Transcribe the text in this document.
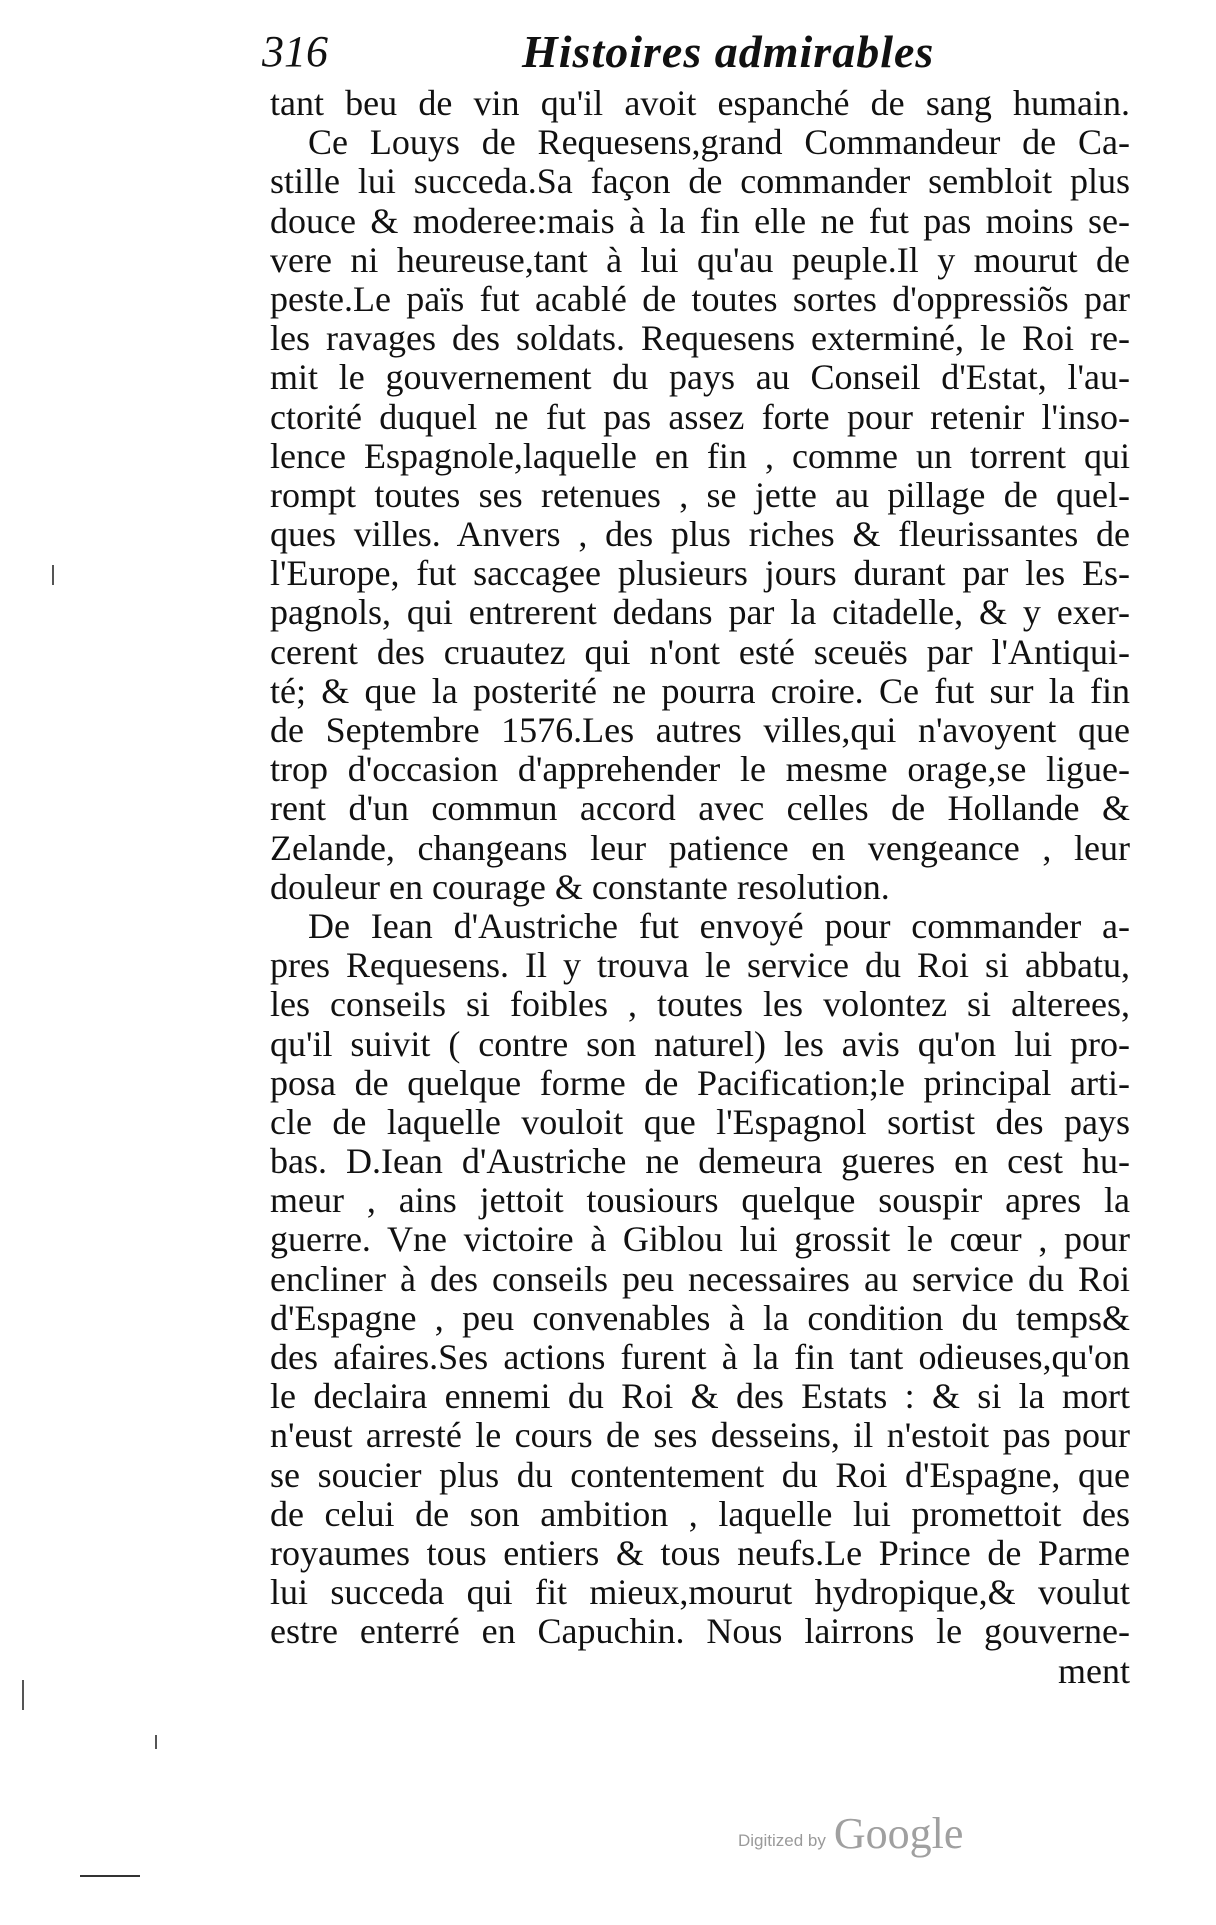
316	Histoires admirables
tant beu de vin qu'il avoit espanché de sang humain.
Ce Louys de Requesens,grand Commandeur de Ca-
stille lui succeda.Sa façon de commander sembloit plus
douce & moderee:mais à la fin elle ne fut pas moins se-
vere ni heureuse,tant à lui qu'au peuple.Il y mourut de
peste.Le païs fut acablé de toutes sortes d'oppressiõs par
les ravages des soldats. Requesens exterminé, le Roi re-
mit le gouvernement du pays au Conseil d'Estat, l'au-
ctorité duquel ne fut pas assez forte pour retenir l'inso-
lence Espagnole,laquelle en fin , comme un torrent qui
rompt toutes ses retenues , se jette au pillage de quel-
ques villes. Anvers , des plus riches & fleurissantes de
l'Europe, fut saccagee plusieurs jours durant par les Es-
pagnols, qui entrerent dedans par la citadelle, & y exer-
cerent des cruautez qui n'ont esté sceuës par l'Antiqui-
té; & que la posterité ne pourra croire. Ce fut sur la fin
de Septembre 1576.Les autres villes,qui n'avoyent que
trop d'occasion d'apprehender le mesme orage,se liguе-
rent d'un commun accord avec celles de Hollande &
Zelande, changeans leur patience en vengeance , leur
douleur en courage & constante resolution.
De Iean d'Austriche fut envoyé pour commander a-
pres Requesens. Il y trouva le service du Roi si abbatu,
les conseils si foibles , toutes les volontez si alterees,
qu'il suivit ( contre son naturel) les avis qu'on lui pro-
posa de quelque forme de Pacification;le principal arti-
cle de laquelle vouloit que l'Espagnol sortist des pays
bas. D.Iean d'Austriche ne demeura gueres en cest hu-
meur , ains jettoit tousiours quelque souspir apres la
guerre. Vne victoire à Giblou lui grossit le cœur , pour
encliner à des conseils peu necessaires au service du Roi
d'Espagne , peu convenables à la condition du temps&
des afaires.Ses actions furent à la fin tant odieuses,qu'on
le declaira ennemi du Roi & des Estats : & si la mort
n'eust arresté le cours de ses desseins, il n'estoit pas pour
se soucier plus du contentement du Roi d'Espagne, que
de celui de son ambition , laquelle lui promettoit des
royaumes tous entiers & tous neufs.Le Prince de Parme
lui succeda qui fit mieux,mourut hydropique,& voulut
estre enterré en Capuchin. Nous lairrons le gouverne-
ment
Digitized by Google
